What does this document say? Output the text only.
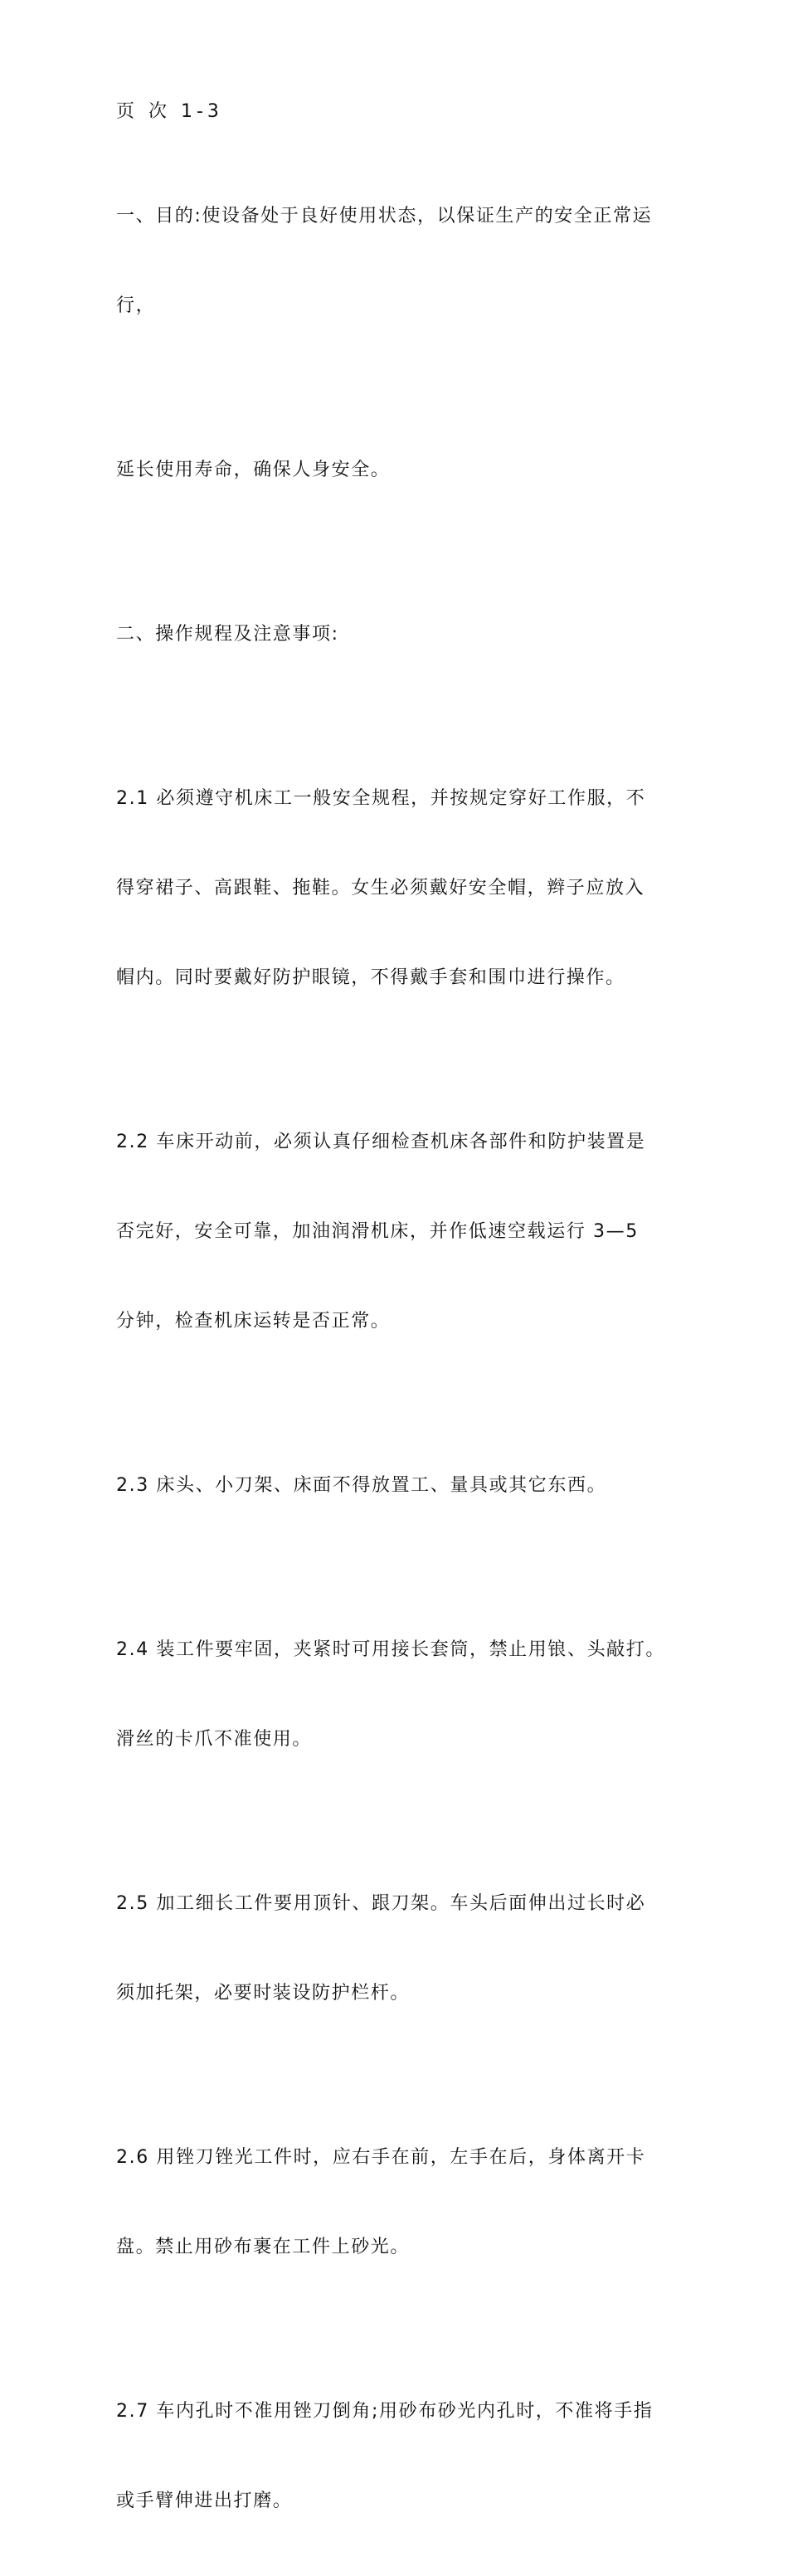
页 次 1-3

一、目的:使设备处于良好使用状态，以保证生产的安全正常运

行，

延长使用寿命，确保人身安全。

二、操作规程及注意事项:

2.1 必须遵守机床工一般安全规程，并按规定穿好工作服，不

得穿裙子、高跟鞋、拖鞋。女生必须戴好安全帽，辫子应放入

帽内。同时要戴好防护眼镜，不得戴手套和围巾进行操作。

2.2 车床开动前，必须认真仔细检查机床各部件和防护装置是

否完好，安全可靠，加油润滑机床，并作低速空载运行 3—5

分钟，检查机床运转是否正常。

2.3 床头、小刀架、床面不得放置工、量具或其它东西。

2.4 装工件要牢固，夹紧时可用接长套筒，禁止用锒、头敲打。

滑丝的卡爪不准使用。

2.5 加工细长工件要用顶针、跟刀架。车头后面伸出过长时必

须加托架，必要时装设防护栏杆。

2.6 用锉刀锉光工件时，应右手在前，左手在后，身体离开卡

盘。禁止用砂布裹在工件上砂光。

2.7 车内孔时不准用锉刀倒角;用砂布砂光内孔时，不准将手指

或手臂伸进出打磨。
